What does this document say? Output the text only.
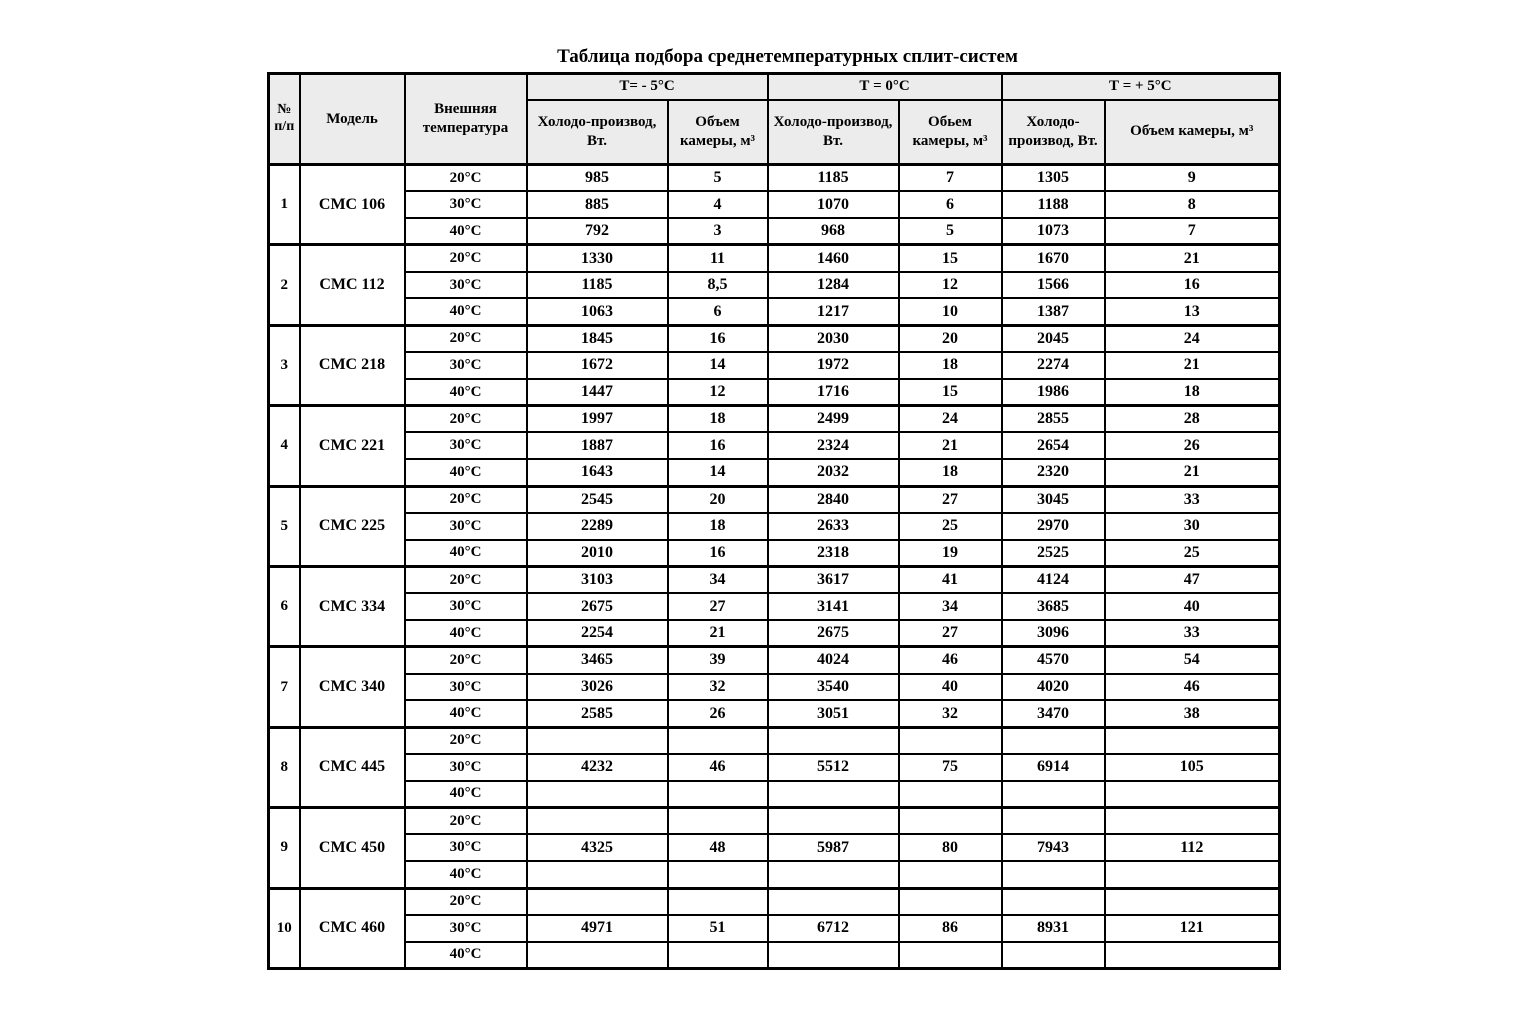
Таблица подбора среднетемпературных сплит-систем
№ п/п	Модель	Внешняя температура	Т= - 5°С		Т = 0°С		Т = + 5°С	
			Холодо-производ, Вт.	Объем камеры, м³	Холодо-производ, Вт.	Обьем камеры, м³	Холодо-производ, Вт.	Объем камеры, м³
1	СМС 106	20°С	985	5	1185	7	1305	9
		30°С	885	4	1070	6	1188	8
		40°С	792	3	968	5	1073	7
2	СМС 112	20°С	1330	11	1460	15	1670	21
		30°С	1185	8,5	1284	12	1566	16
		40°С	1063	6	1217	10	1387	13
3	СМС 218	20°С	1845	16	2030	20	2045	24
		30°С	1672	14	1972	18	2274	21
		40°С	1447	12	1716	15	1986	18
4	СМС 221	20°С	1997	18	2499	24	2855	28
		30°С	1887	16	2324	21	2654	26
		40°С	1643	14	2032	18	2320	21
5	СМС 225	20°С	2545	20	2840	27	3045	33
		30°С	2289	18	2633	25	2970	30
		40°С	2010	16	2318	19	2525	25
6	СМС 334	20°С	3103	34	3617	41	4124	47
		30°С	2675	27	3141	34	3685	40
		40°С	2254	21	2675	27	3096	33
7	СМС 340	20°С	3465	39	4024	46	4570	54
		30°С	3026	32	3540	40	4020	46
		40°С	2585	26	3051	32	3470	38
8	СМС 445	20°С						
		30°С	4232	46	5512	75	6914	105
		40°С						
9	СМС 450	20°С						
		30°С	4325	48	5987	80	7943	112
		40°С						
10	СМС 460	20°С						
		30°С	4971	51	6712	86	8931	121
		40°С						
